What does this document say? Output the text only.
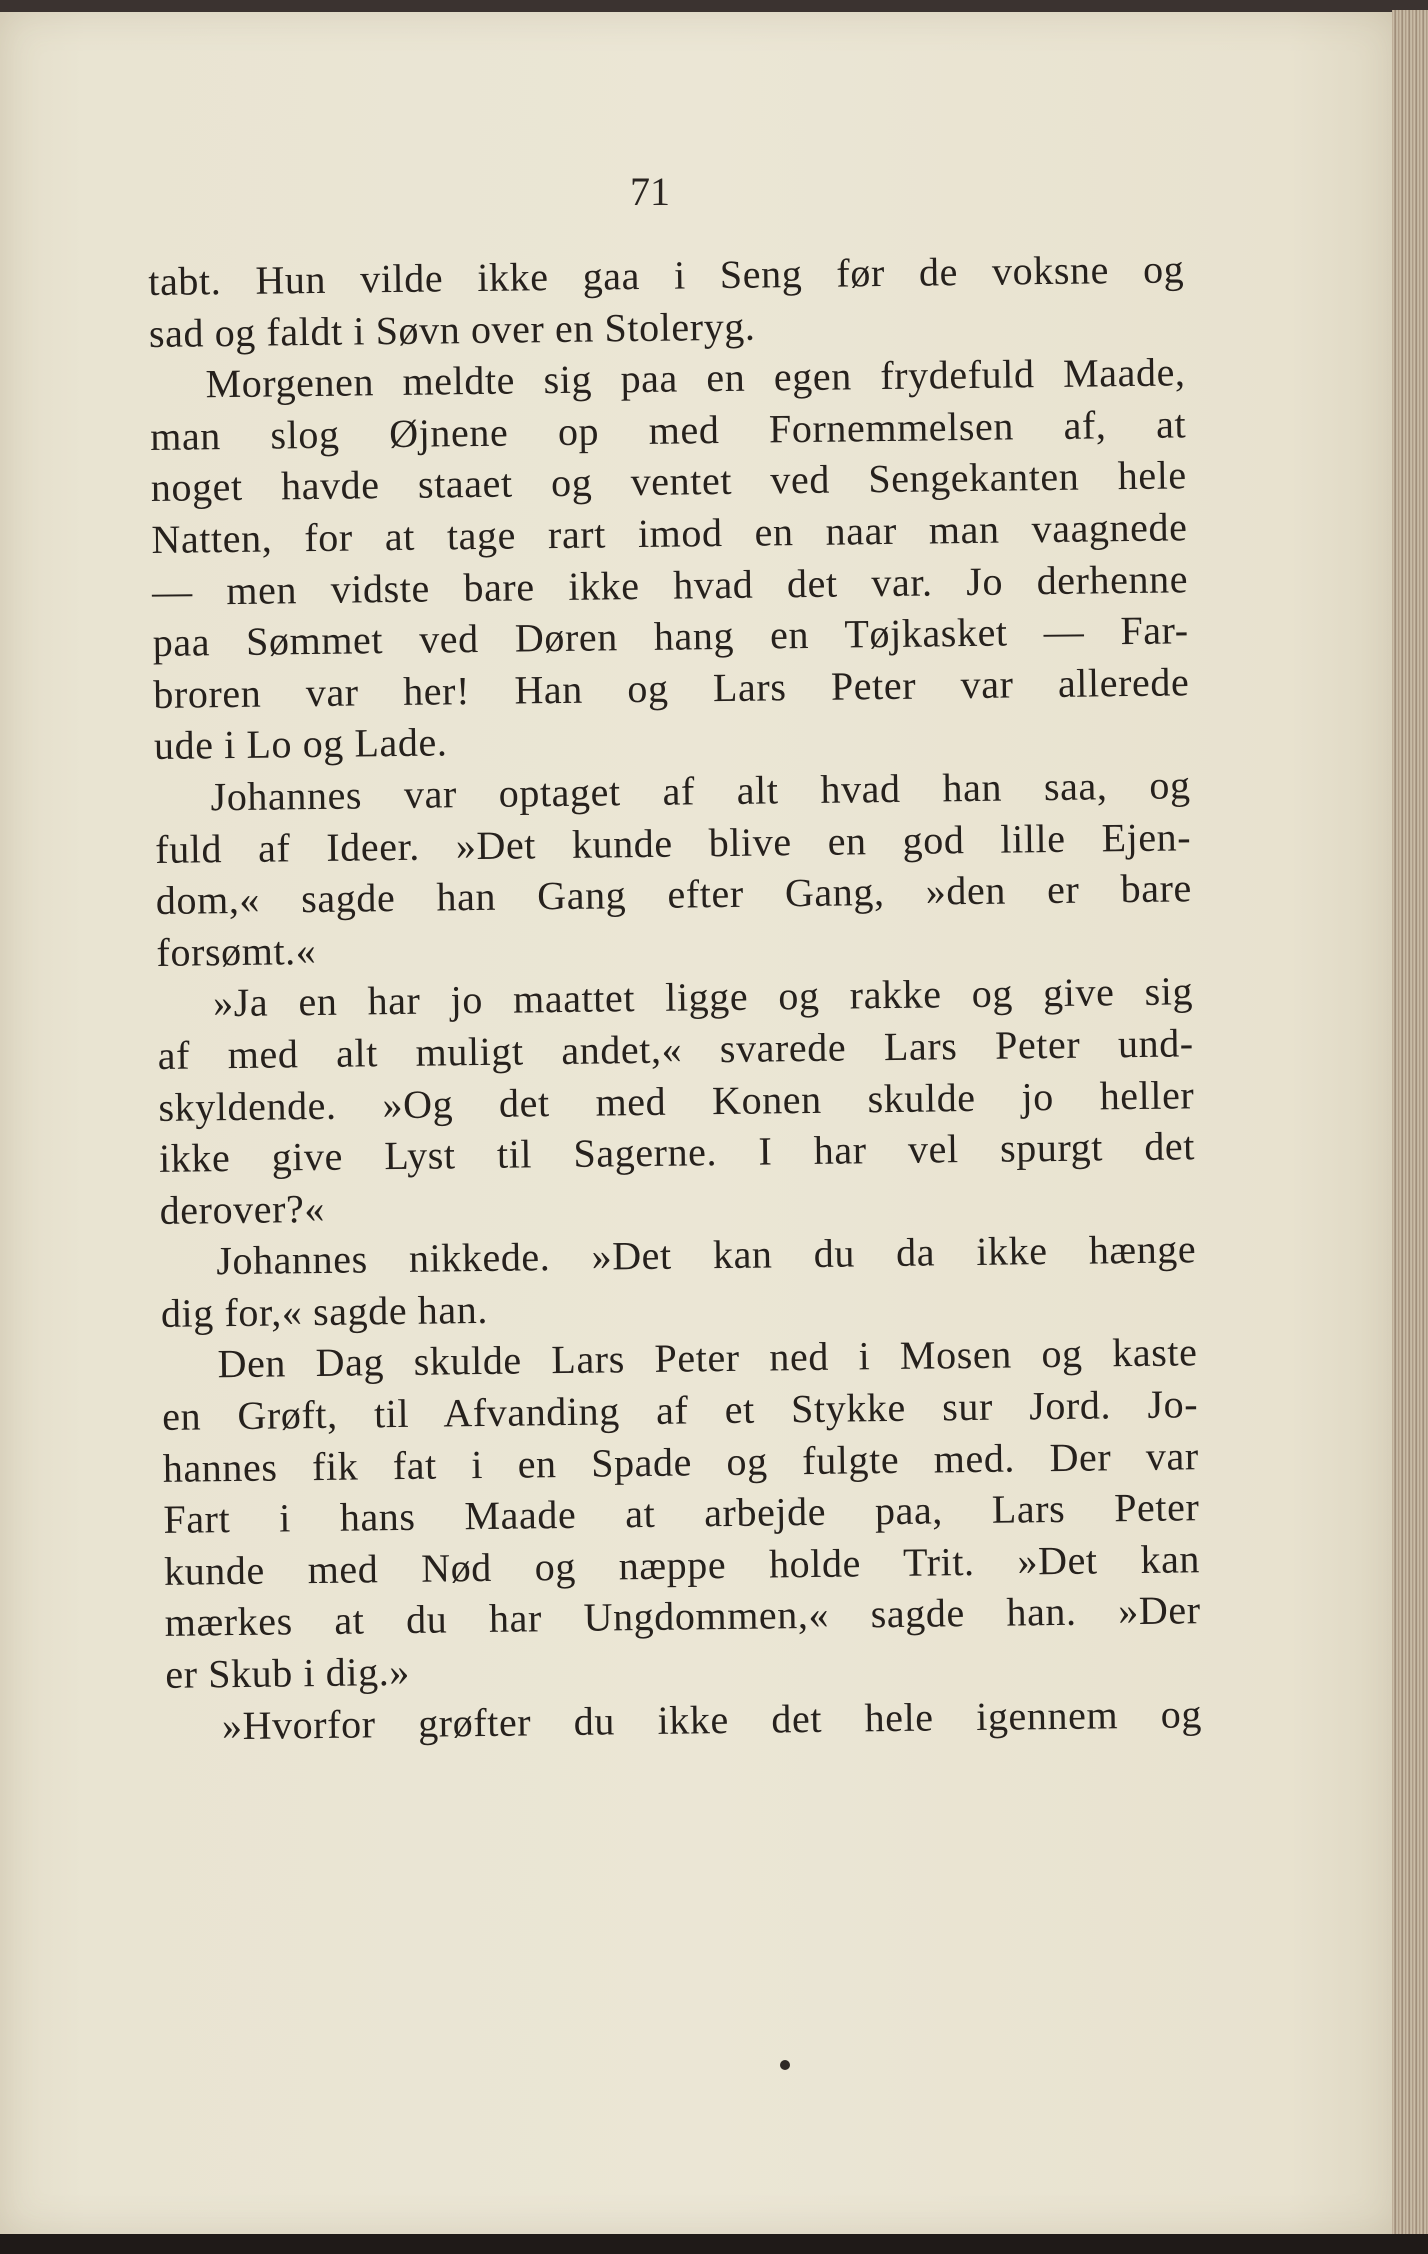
71
tabt. Hun vilde ikke gaa i Seng før de voksne og
sad og faldt i Søvn over en Stoleryg.
Morgenen meldte sig paa en egen frydefuld Maade,
man slog Øjnene op med Fornemmelsen af, at
noget havde staaet og ventet ved Sengekanten hele
Natten, for at tage rart imod en naar man vaagnede
— men vidste bare ikke hvad det var. Jo derhenne
paa Sømmet ved Døren hang en Tøjkasket — Far-
broren var her! Han og Lars Peter var allerede
ude i Lo og Lade.
Johannes var optaget af alt hvad han saa, og
fuld af Ideer. »Det kunde blive en god lille Ejen-
dom,« sagde han Gang efter Gang, »den er bare
forsømt.«
»Ja en har jo maattet ligge og rakke og give sig
af med alt muligt andet,« svarede Lars Peter und-
skyldende. »Og det med Konen skulde jo heller
ikke give Lyst til Sagerne. I har vel spurgt det
derover?«
Johannes nikkede. »Det kan du da ikke hænge
dig for,« sagde han.
Den Dag skulde Lars Peter ned i Mosen og kaste
en Grøft, til Afvanding af et Stykke sur Jord. Jo-
hannes fik fat i en Spade og fulgte med. Der var
Fart i hans Maade at arbejde paa, Lars Peter
kunde med Nød og næppe holde Trit. »Det kan
mærkes at du har Ungdommen,« sagde han. »Der
er Skub i dig.»
»Hvorfor grøfter du ikke det hele igennem og
